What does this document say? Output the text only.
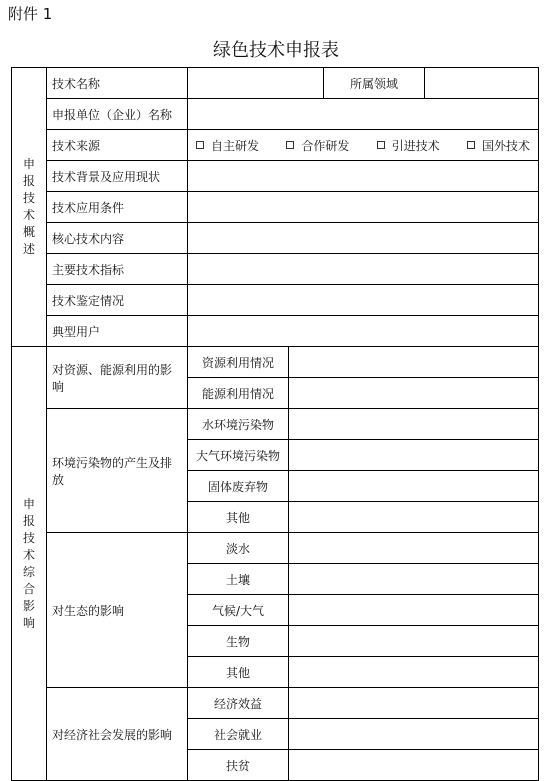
附件 1
绿色技术申报表
申报技术概述	技术名称			所属领域	
	申报单位（企业）名称				
	技术来源	自主研发 合作研发 引进技术 国外技术			

	技术背景及应用现状				
	技术应用条件				
	核心技术内容				
	主要技术指标				
	技术鉴定情况				
	典型用户				

申报技术综合影响	对资源、能源利用的影响	资源利用情况			
		能源利用情况			
	环境污染物的产生及排放	水环境污染物			
		大气环境污染物			
		固体废弃物			
		其他			
	对生态的影响	淡水			
		土壤			
		气候/大气			
		生物			
		其他			
	对经济社会发展的影响	经济效益			
		社会就业			
		扶贫			
